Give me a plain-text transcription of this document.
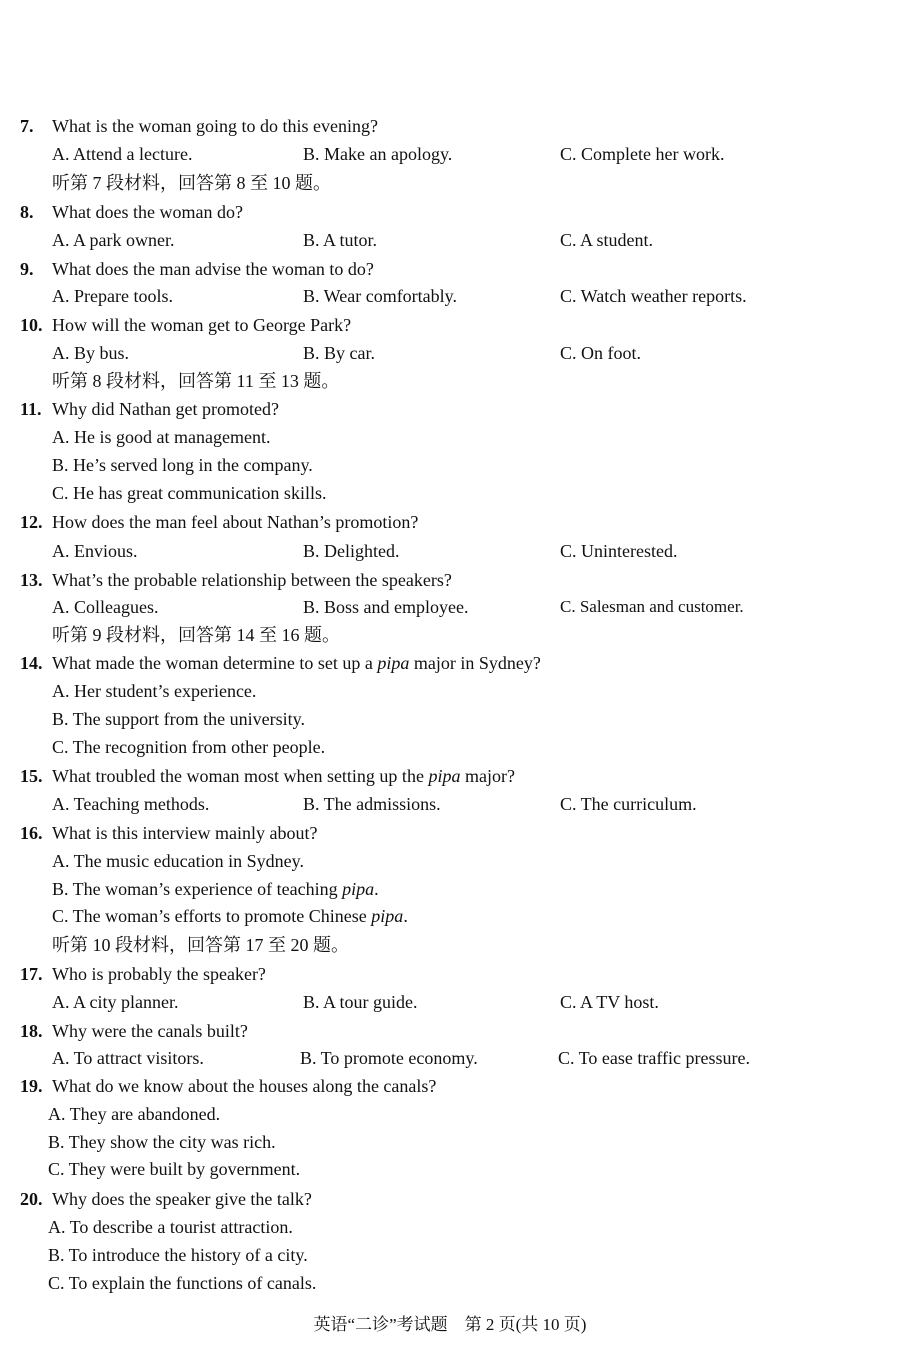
7. What is the woman going to do this evening?
A. Attend a lecture.	B. Make an apology.	C. Complete her work.
听第 7 段材料，回答第 8 至 10 题。
8. What does the woman do?
A. A park owner.	B. A tutor.	C. A student.
9. What does the man advise the woman to do?
A. Prepare tools.	B. Wear comfortably.	C. Watch weather reports.
10. How will the woman get to George Park?
A. By bus.	B. By car.	C. On foot.
听第 8 段材料，回答第 11 至 13 题。
11. Why did Nathan get promoted?
A. He is good at management.
B. He’s served long in the company.
C. He has great communication skills.
12. How does the man feel about Nathan’s promotion?
A. Envious.	B. Delighted.	C. Uninterested.
13. What’s the probable relationship between the speakers?
A. Colleagues.	B. Boss and employee.	C. Salesman and customer.
听第 9 段材料，回答第 14 至 16 题。
14. What made the woman determine to set up a pipa major in Sydney?
A. Her student’s experience.
B. The support from the university.
C. The recognition from other people.
15. What troubled the woman most when setting up the pipa major?
A. Teaching methods.	B. The admissions.	C. The curriculum.
16. What is this interview mainly about?
A. The music education in Sydney.
B. The woman’s experience of teaching pipa.
C. The woman’s efforts to promote Chinese pipa.
听第 10 段材料，回答第 17 至 20 题。
17. Who is probably the speaker?
A. A city planner.	B. A tour guide.	C. A TV host.
18. Why were the canals built?
A. To attract visitors.	B. To promote economy.	C. To ease traffic pressure.
19. What do we know about the houses along the canals?
A. They are abandoned.
B. They show the city was rich.
C. They were built by government.
20. Why does the speaker give the talk?
A. To describe a tourist attraction.
B. To introduce the history of a city.
C. To explain the functions of canals.
英语“二诊”考试题　第 2 页(共 10 页)
